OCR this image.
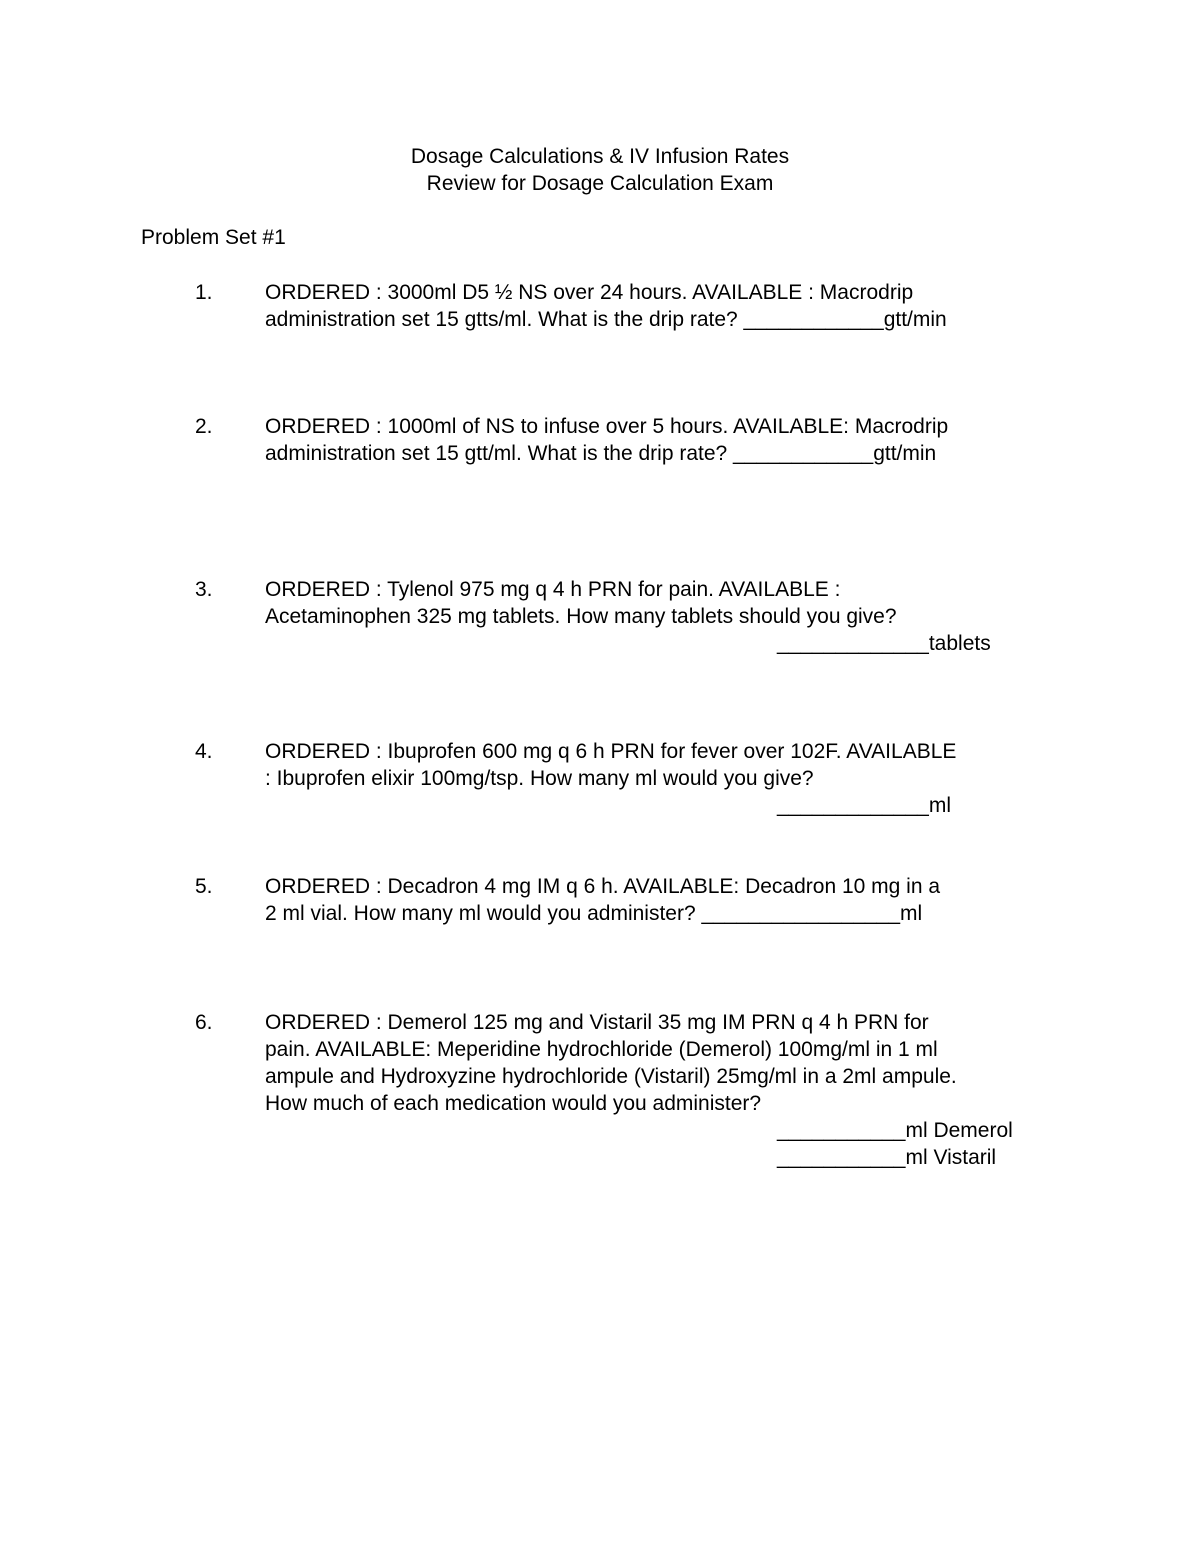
Dosage Calculations & IV Infusion Rates
Review for Dosage Calculation Exam
Problem Set #1
1. ORDERED : 3000ml D5 ½ NS over 24 hours. AVAILABLE : Macrodrip
administration set 15 gtts/ml. What is the drip rate? ____________gtt/min
2. ORDERED : 1000ml of NS to infuse over 5 hours. AVAILABLE: Macrodrip
administration set 15 gtt/ml. What is the drip rate? ____________gtt/min
3. ORDERED : Tylenol 975 mg q 4 h PRN for pain. AVAILABLE :
Acetaminophen 325 mg tablets. How many tablets should you give?
_____________tablets
4. ORDERED : Ibuprofen 600 mg q 6 h PRN for fever over 102F. AVAILABLE
: Ibuprofen elixir 100mg/tsp. How many ml would you give?
_____________ml
5. ORDERED : Decadron 4 mg IM q 6 h. AVAILABLE: Decadron 10 mg in a
2 ml vial. How many ml would you administer? _________________ml
6. ORDERED : Demerol 125 mg and Vistaril 35 mg IM PRN q 4 h PRN for
pain. AVAILABLE: Meperidine hydrochloride (Demerol) 100mg/ml in 1 ml
ampule and Hydroxyzine hydrochloride (Vistaril) 25mg/ml in a 2ml ampule.
How much of each medication would you administer?
___________ml Demerol
___________ml Vistaril
